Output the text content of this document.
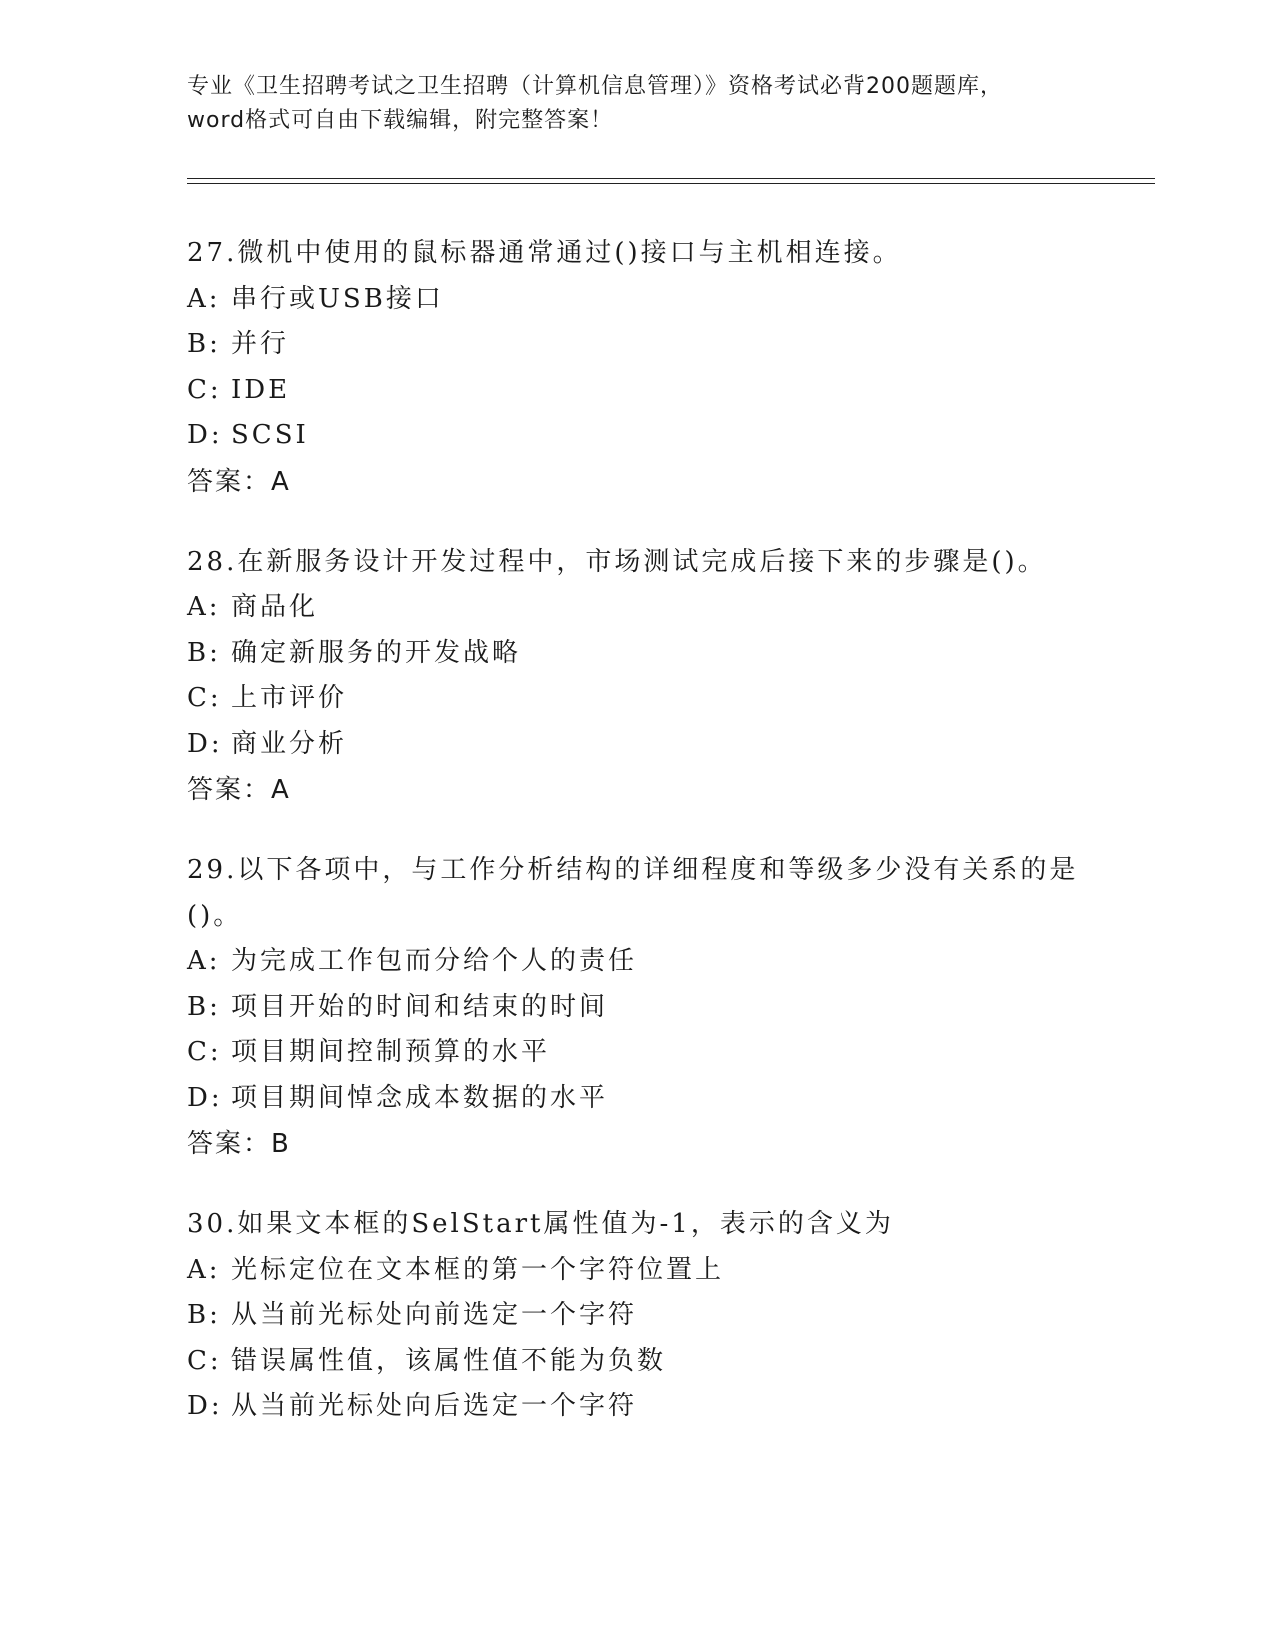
专业《卫生招聘考试之卫生招聘（计算机信息管理）》资格考试必背200题题库，
word格式可自由下载编辑，附完整答案！

27.微机中使用的鼠标器通常通过()接口与主机相连接。

A: 串行或USB接口

B: 并行

C: IDE

D: SCSI

答案：A

28.在新服务设计开发过程中，市场测试完成后接下来的步骤是()。

A: 商品化

B: 确定新服务的开发战略

C: 上市评价

D: 商业分析

答案：A

29.以下各项中，与工作分析结构的详细程度和等级多少没有关系的是

()。

A: 为完成工作包而分给个人的责任

B: 项目开始的时间和结束的时间

C: 项目期间控制预算的水平

D: 项目期间悼念成本数据的水平

答案：B

30.如果文本框的SelStart属性值为-1，表示的含义为

A: 光标定位在文本框的第一个字符位置上

B: 从当前光标处向前选定一个字符

C: 错误属性值，该属性值不能为负数

D: 从当前光标处向后选定一个字符
